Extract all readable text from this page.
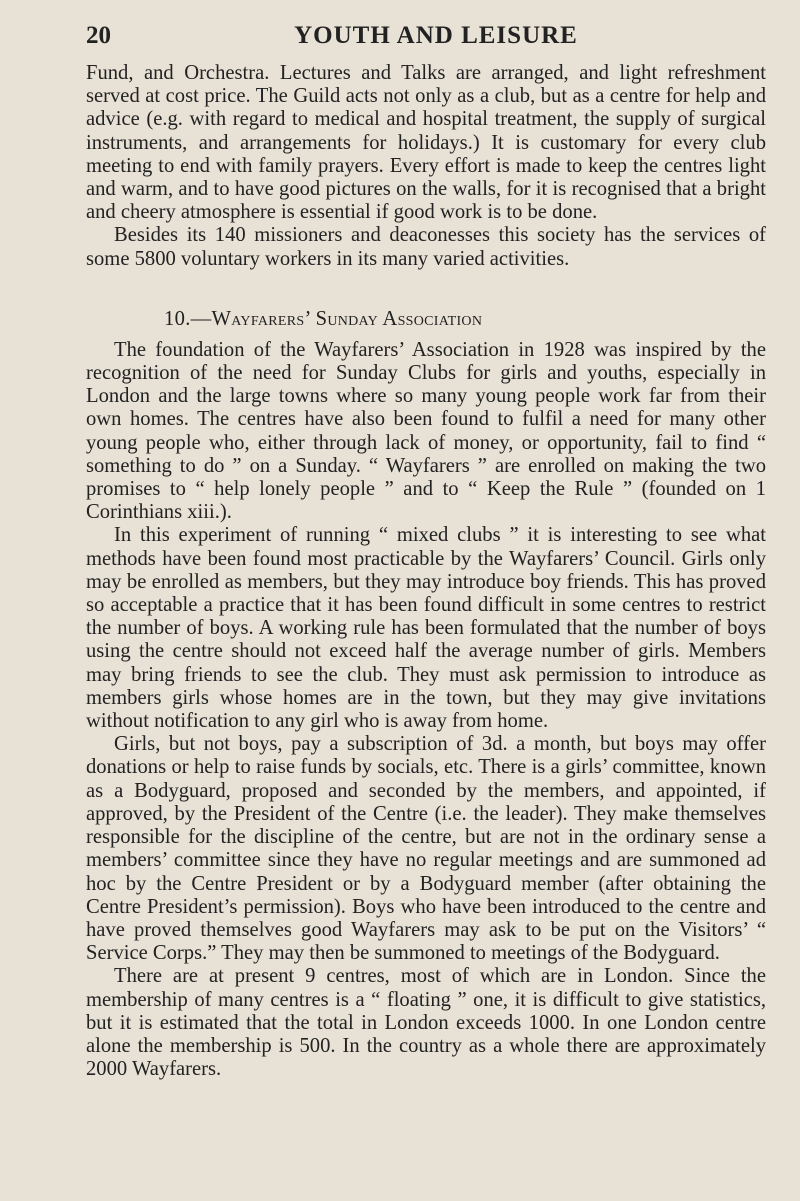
20	YOUTH AND LEISURE

Fund, and Orchestra. Lectures and Talks are arranged, and light refreshment served at cost price. The Guild acts not only as a club, but as a centre for help and advice (e.g. with regard to medical and hospital treatment, the supply of surgical instruments, and arrangements for holidays.) It is customary for every club meeting to end with family prayers. Every effort is made to keep the centres light and warm, and to have good pictures on the walls, for it is recognised that a bright and cheery atmosphere is essential if good work is to be done.

Besides its 140 missioners and deaconesses this society has the services of some 5800 voluntary workers in its many varied activities.

10.—Wayfarers’ Sunday Association

The foundation of the Wayfarers’ Association in 1928 was inspired by the recognition of the need for Sunday Clubs for girls and youths, especially in London and the large towns where so many young people work far from their own homes. The centres have also been found to fulfil a need for many other young people who, either through lack of money, or opportunity, fail to find “ something to do ” on a Sunday. “ Wayfarers ” are enrolled on making the two promises to “ help lonely people ” and to “ Keep the Rule ” (founded on 1 Corinthians xiii.).

In this experiment of running “ mixed clubs ” it is interesting to see what methods have been found most practicable by the Wayfarers’ Council. Girls only may be enrolled as members, but they may introduce boy friends. This has proved so acceptable a practice that it has been found difficult in some centres to restrict the number of boys. A working rule has been formulated that the number of boys using the centre should not exceed half the average number of girls. Members may bring friends to see the club. They must ask permission to introduce as members girls whose homes are in the town, but they may give invitations without notification to any girl who is away from home.

Girls, but not boys, pay a subscription of 3d. a month, but boys may offer donations or help to raise funds by socials, etc. There is a girls’ committee, known as a Bodyguard, proposed and seconded by the members, and appointed, if approved, by the President of the Centre (i.e. the leader). They make themselves responsible for the discipline of the centre, but are not in the ordinary sense a members’ committee since they have no regular meetings and are summoned ad hoc by the Centre President or by a Bodyguard member (after obtaining the Centre President’s permission). Boys who have been introduced to the centre and have proved themselves good Wayfarers may ask to be put on the Visitors’ “ Service Corps.” They may then be summoned to meetings of the Bodyguard.

There are at present 9 centres, most of which are in London. Since the membership of many centres is a “ floating ” one, it is difficult to give statistics, but it is estimated that the total in London exceeds 1000. In one London centre alone the membership is 500. In the country as a whole there are approximately 2000 Wayfarers.
